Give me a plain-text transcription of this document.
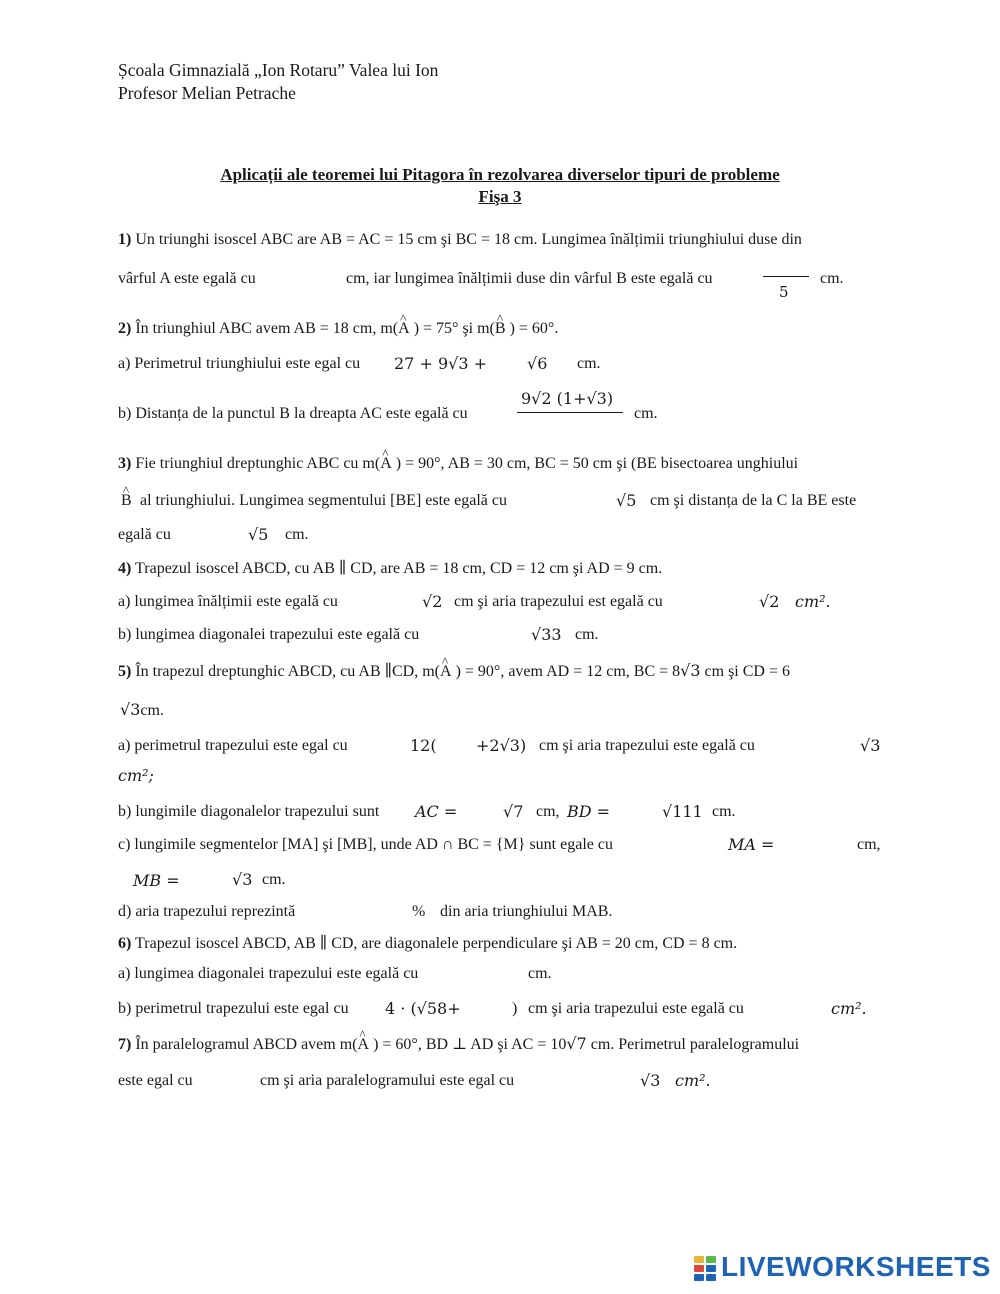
Școala Gimnazială „Ion Rotaru” Valea lui Ion
Profesor Melian Petrache
Aplicații ale teoremei lui Pitagora în rezolvarea diverselor tipuri de probleme
Fişa 3
1) Un triunghi isoscel ABC are AB = AC = 15 cm şi BC = 18 cm. Lungimea înălțimii triunghiului duse din
vârful A este egală cu	cm, iar lungimea înălțimii duse din vârful B este egală cu
5
cm.
2) În triunghiul ABC avem AB = 18 cm, m(^ A ) = 75° şi m(^ B ) = 60°.
a) Perimetrul triunghiului este egal cu 27 + 9√3 +	√6 cm.
b) Distanța de la punctul B la dreapta AC este egală cu
9√2 (1+√3)
cm.
3) Fie triunghiul dreptunghic ABC cu m(^ A ) = 90°, AB = 30 cm, BC = 50 cm şi (BE bisectoarea unghiului
^ B al triunghiului. Lungimea segmentului [BE] este egală cu	√5 cm şi distanța de la C la BE este
egală cu	√5 cm.
4) Trapezul isoscel ABCD, cu AB ∥ CD, are AB = 18 cm, CD = 12 cm şi AD = 9 cm.
a) lungimea înălțimii este egală cu	√2 cm şi aria trapezului est egală cu	√2 cm².
b) lungimea diagonalei trapezului este egală cu	√33 cm.
5) În trapezul dreptunghic ABCD, cu AB ∥CD, m(^ A ) = 90°, avem AD = 12 cm, BC = 8√3 cm şi CD = 6
√3cm.
a) perimetrul trapezului este egal cu	12( +2√3) cm şi aria trapezului este egală cu	√3
cm²;
b) lungimile diagonalelor trapezului sunt AC =	√7 cm, BD =	√111 cm.
c) lungimile segmentelor [MA] şi [MB], unde AD ∩ BC = {M} sunt egale cu	MA =	cm,
MB =	√3 cm.
d) aria trapezului reprezintă	% din aria triunghiului MAB.
6) Trapezul isoscel ABCD, AB ∥ CD, are diagonalele perpendiculare şi AB = 20 cm, CD = 8 cm.
a) lungimea diagonalei trapezului este egală cu	cm.
b) perimetrul trapezului este egal cu 4 · (√58+	) cm şi aria trapezului este egală cu	cm².
7) În paralelogramul ABCD avem m(^ A ) = 60°, BD ⊥ AD şi AC = 10√7 cm. Perimetrul paralelogramului
este egal cu	cm şi aria paralelogramului este egal cu	√3 cm².
LIVEWORKSHEETS
